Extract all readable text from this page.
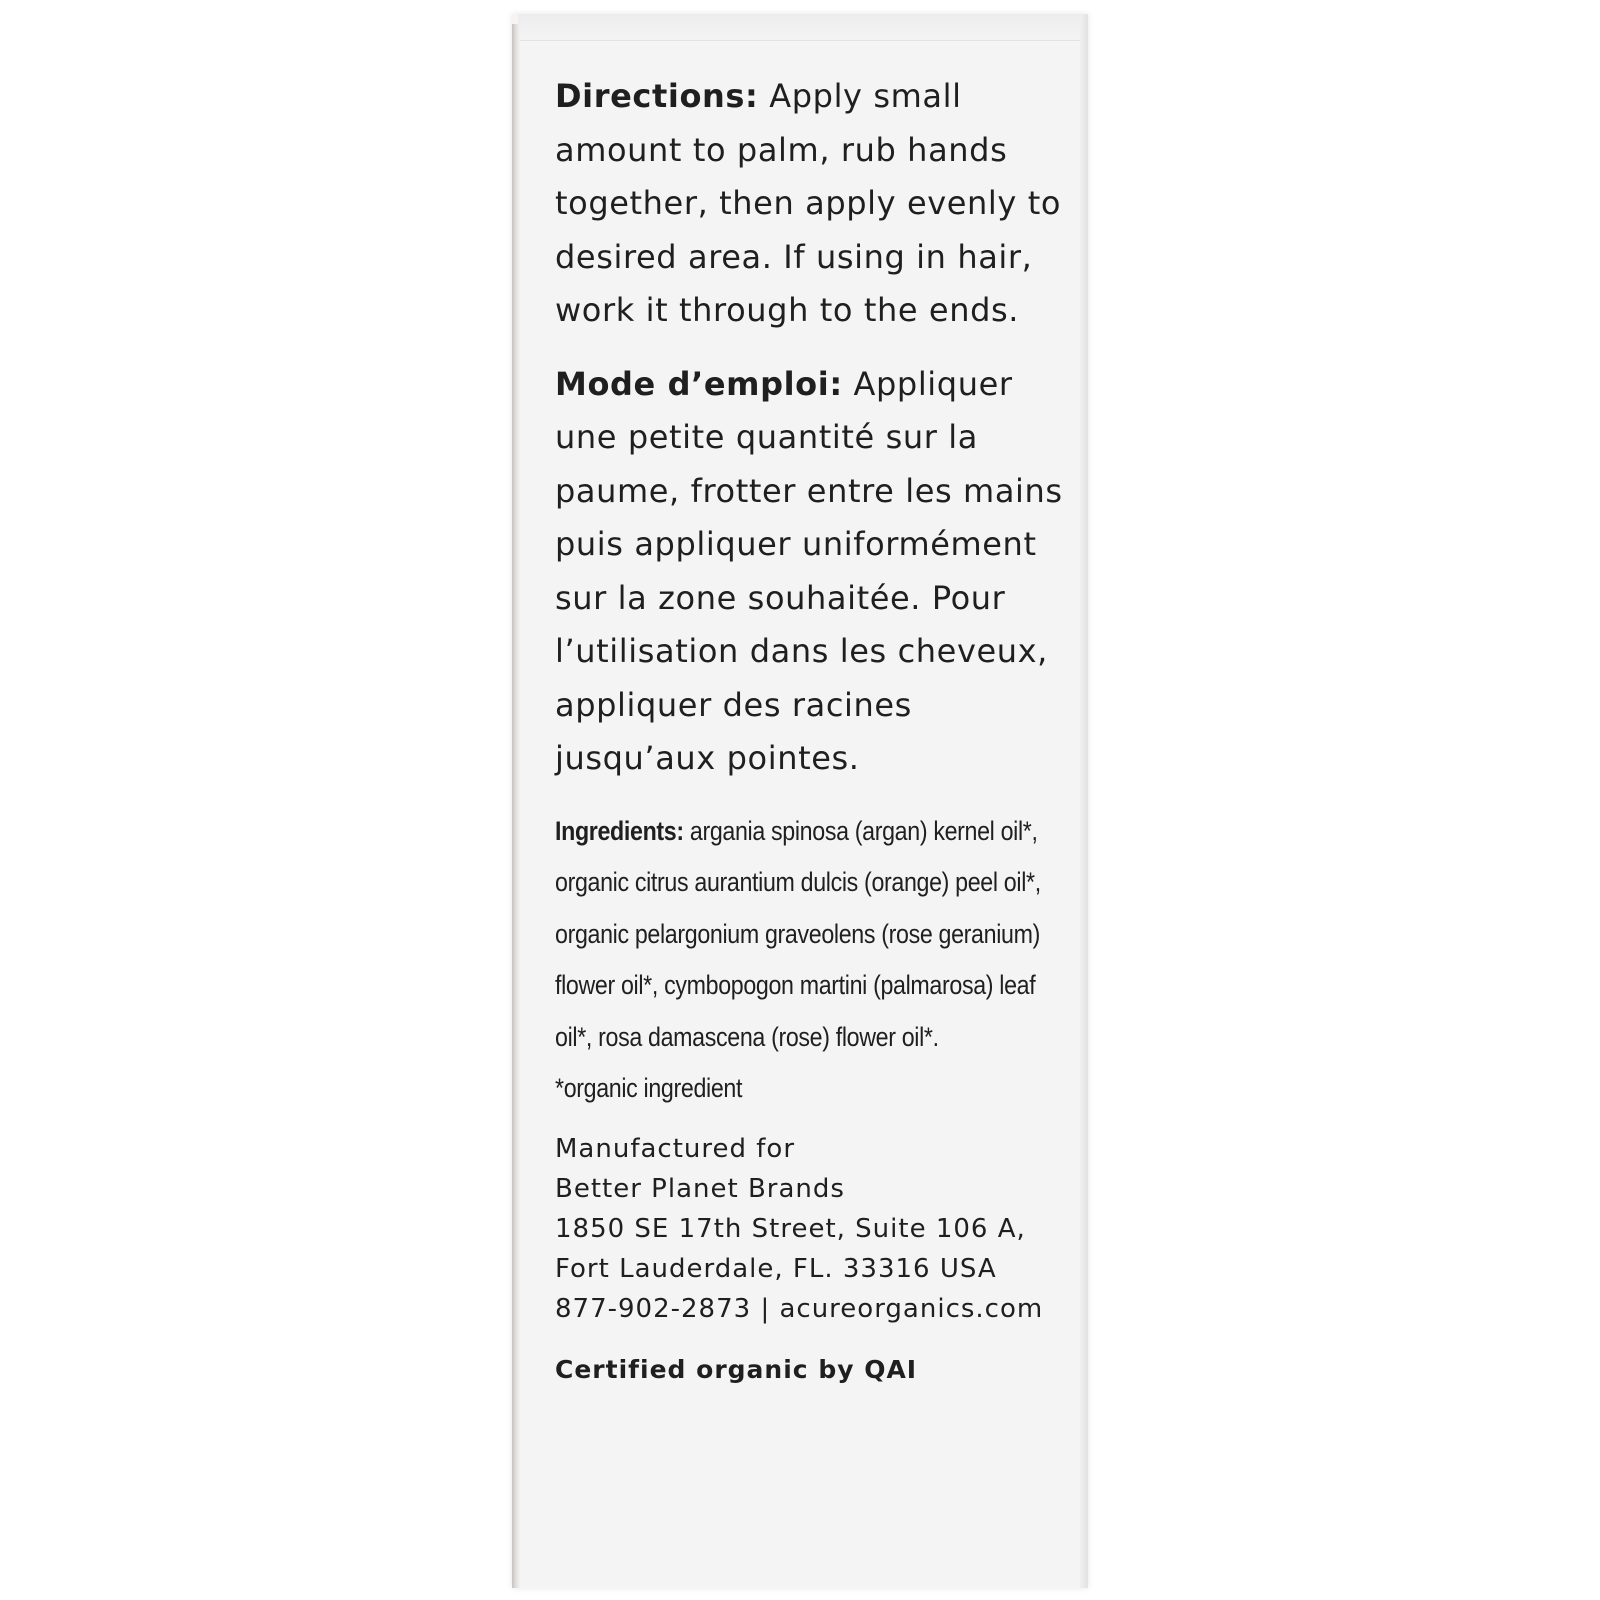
Directions: Apply small amount to palm, rub hands together, then apply evenly to desired area. If using in hair, work it through to the ends.

Mode d’emploi: Appliquer une petite quantité sur la paume, frotter entre les mains puis appliquer uniformément sur la zone souhaitée. Pour l’utilisation dans les cheveux, appliquer des racines jusqu’aux pointes.

Ingredients: argania spinosa (argan) kernel oil*, organic citrus aurantium dulcis (orange) peel oil*, organic pelargonium graveolens (rose geranium) flower oil*, cymbopogon martini (palmarosa) leaf oil*, rosa damascena (rose) flower oil*.
*organic ingredient
Manufactured for
Better Planet Brands
1850 SE 17th Street, Suite 106 A,
Fort Lauderdale, FL. 33316 USA
877-902-2873 | acureorganics.com
Certified organic by QAI
